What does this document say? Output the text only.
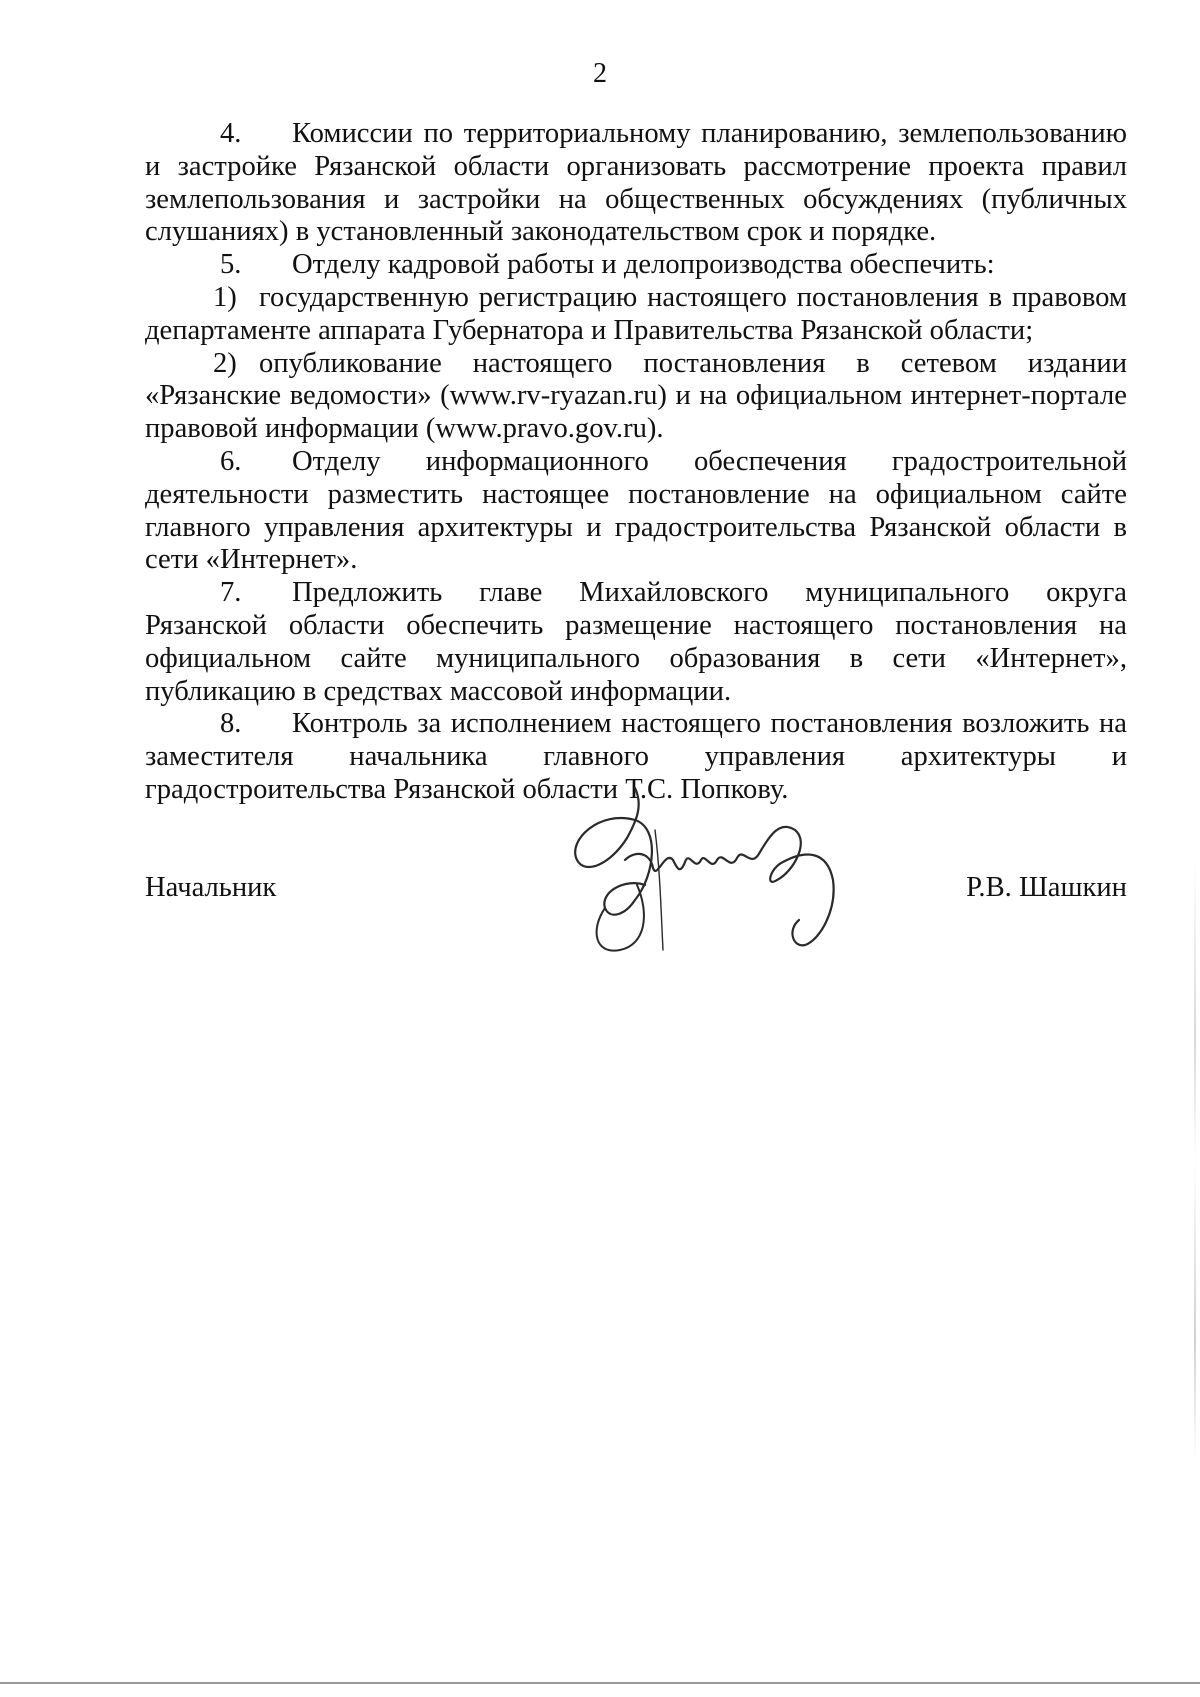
2

4. Комиссии по территориальному планированию, землепользованию и застройке Рязанской области организовать рассмотрение проекта правил землепользования и застройки на общественных обсуждениях (публичных слушаниях) в установленный законодательством срок и порядке.

5. Отделу кадровой работы и делопроизводства обеспечить:

1) государственную регистрацию настоящего постановления в правовом департаменте аппарата Губернатора и Правительства Рязанской области;

2) опубликование настоящего постановления в сетевом издании «Рязанские ведомости» (www.rv-ryazan.ru) и на официальном интернет-портале правовой информации (www.pravo.gov.ru).

6. Отделу информационного обеспечения градостроительной деятельности разместить настоящее постановление на официальном сайте главного управления архитектуры и градостроительства Рязанской области в сети «Интернет».

7. Предложить главе Михайловского муниципального округа Рязанской области обеспечить размещение настоящего постановления на официальном сайте муниципального образования в сети «Интернет», публикацию в средствах массовой информации.

8. Контроль за исполнением настоящего постановления возложить на заместителя начальника главного управления архитектуры и градостроительства Рязанской области Т.С. Попкову.

Начальник	Р.В. Шашкин
